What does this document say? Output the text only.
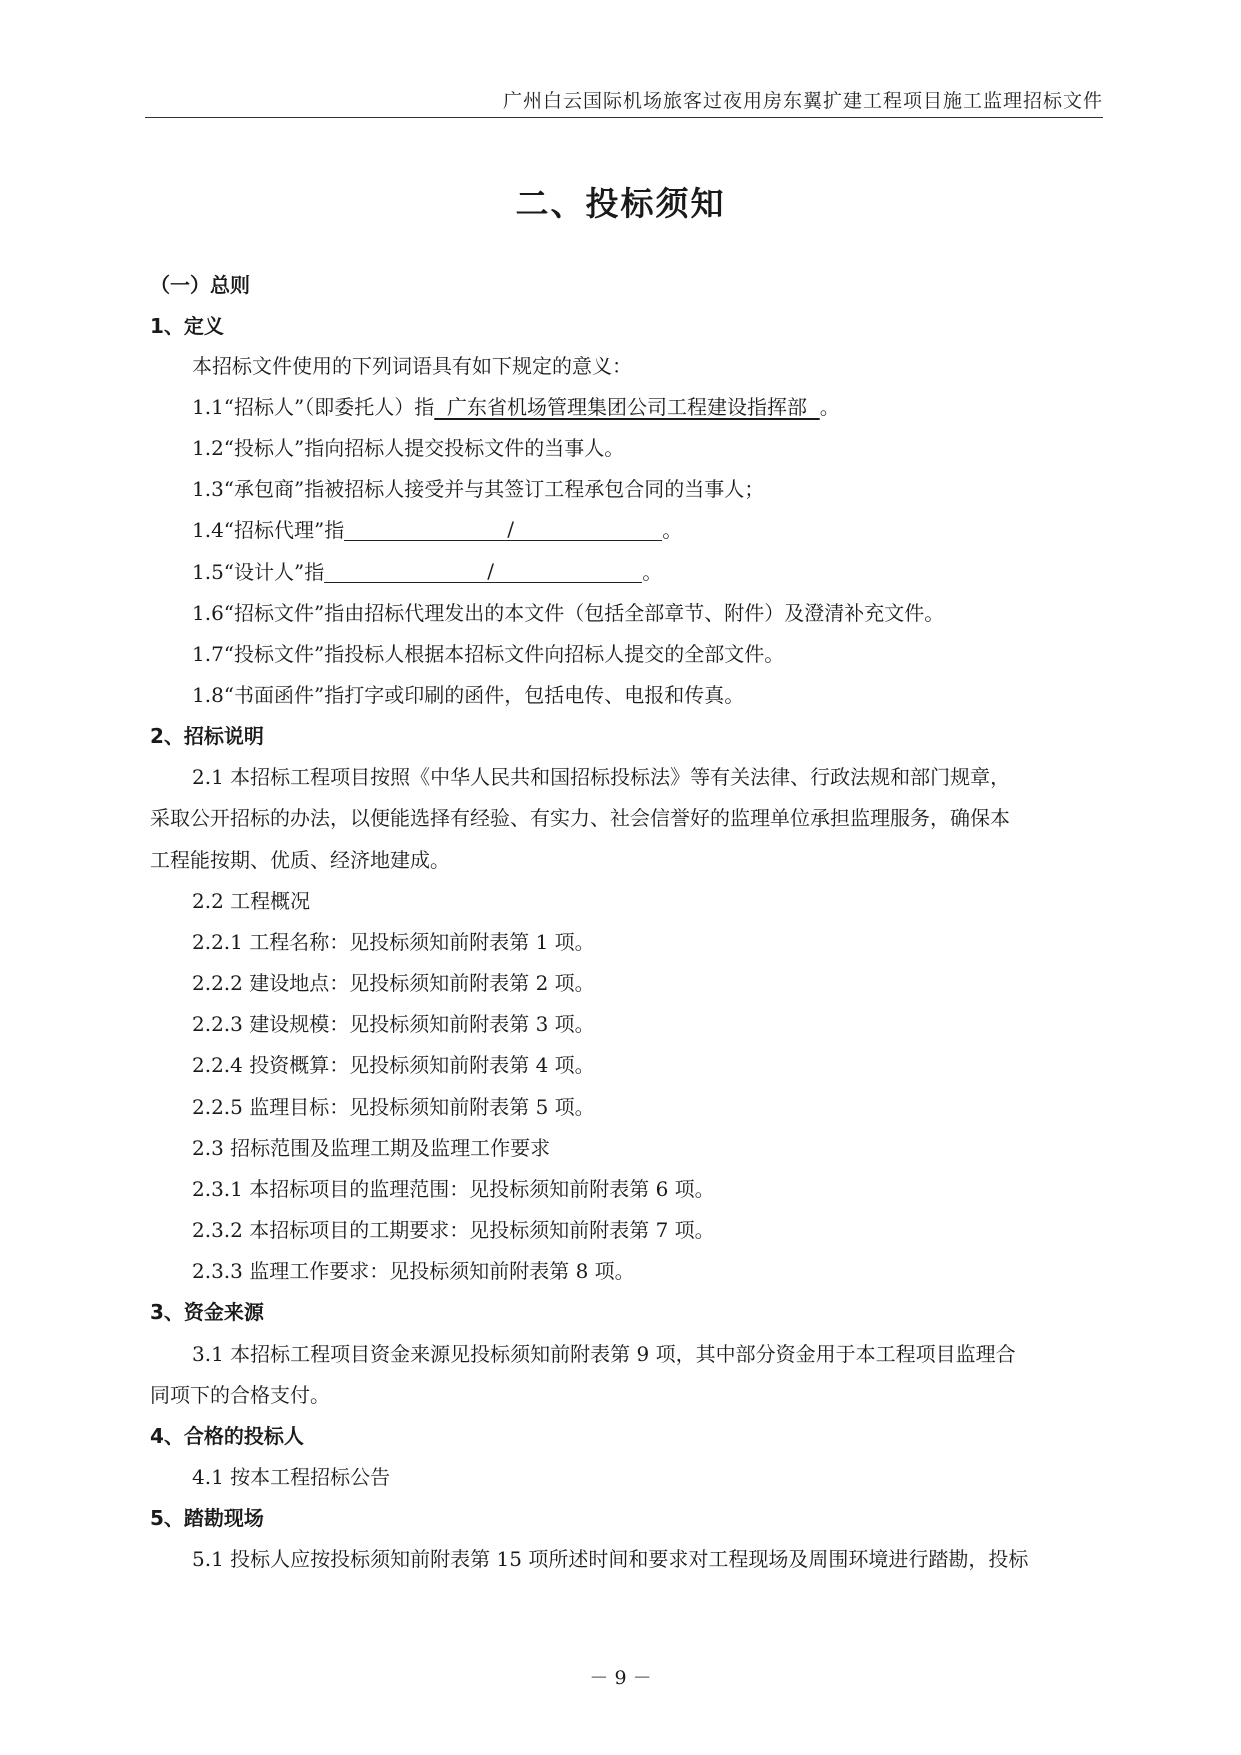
广州白云国际机场旅客过夜用房东翼扩建工程项目施工监理招标文件
二、投标须知
（一）总则
1、定义
本招标文件使用的下列词语具有如下规定的意义：
1.1“招标人”（即委托人）指  广东省机场管理集团公司工程建设指挥部  。
1.2“投标人”指向招标人提交投标文件的当事人。
1.3“承包商”指被招标人接受并与其签订工程承包合同的当事人；
1.4“招标代理”指	/	。
1.5“设计人”指	/	。
1.6“招标文件”指由招标代理发出的本文件（包括全部章节、附件）及澄清补充文件。
1.7“投标文件”指投标人根据本招标文件向招标人提交的全部文件。
1.8“书面函件”指打字或印刷的函件，包括电传、电报和传真。
2、招标说明
2.1 本招标工程项目按照《中华人民共和国招标投标法》等有关法律、行政法规和部门规章，
采取公开招标的办法，以便能选择有经验、有实力、社会信誉好的监理单位承担监理服务，确保本
工程能按期、优质、经济地建成。
2.2 工程概况
2.2.1 工程名称：见投标须知前附表第 1 项。
2.2.2 建设地点：见投标须知前附表第 2 项。
2.2.3 建设规模：见投标须知前附表第 3 项。
2.2.4 投资概算：见投标须知前附表第 4 项。
2.2.5 监理目标：见投标须知前附表第 5 项。
2.3 招标范围及监理工期及监理工作要求
2.3.1 本招标项目的监理范围：见投标须知前附表第 6 项。
2.3.2 本招标项目的工期要求：见投标须知前附表第 7 项。
2.3.3 监理工作要求：见投标须知前附表第 8 项。
3、资金来源
3.1 本招标工程项目资金来源见投标须知前附表第 9 项，其中部分资金用于本工程项目监理合
同项下的合格支付。
4、合格的投标人
4.1 按本工程招标公告
5、踏勘现场
5.1 投标人应按投标须知前附表第 15 项所述时间和要求对工程现场及周围环境进行踏勘，投标
－ 9 －
